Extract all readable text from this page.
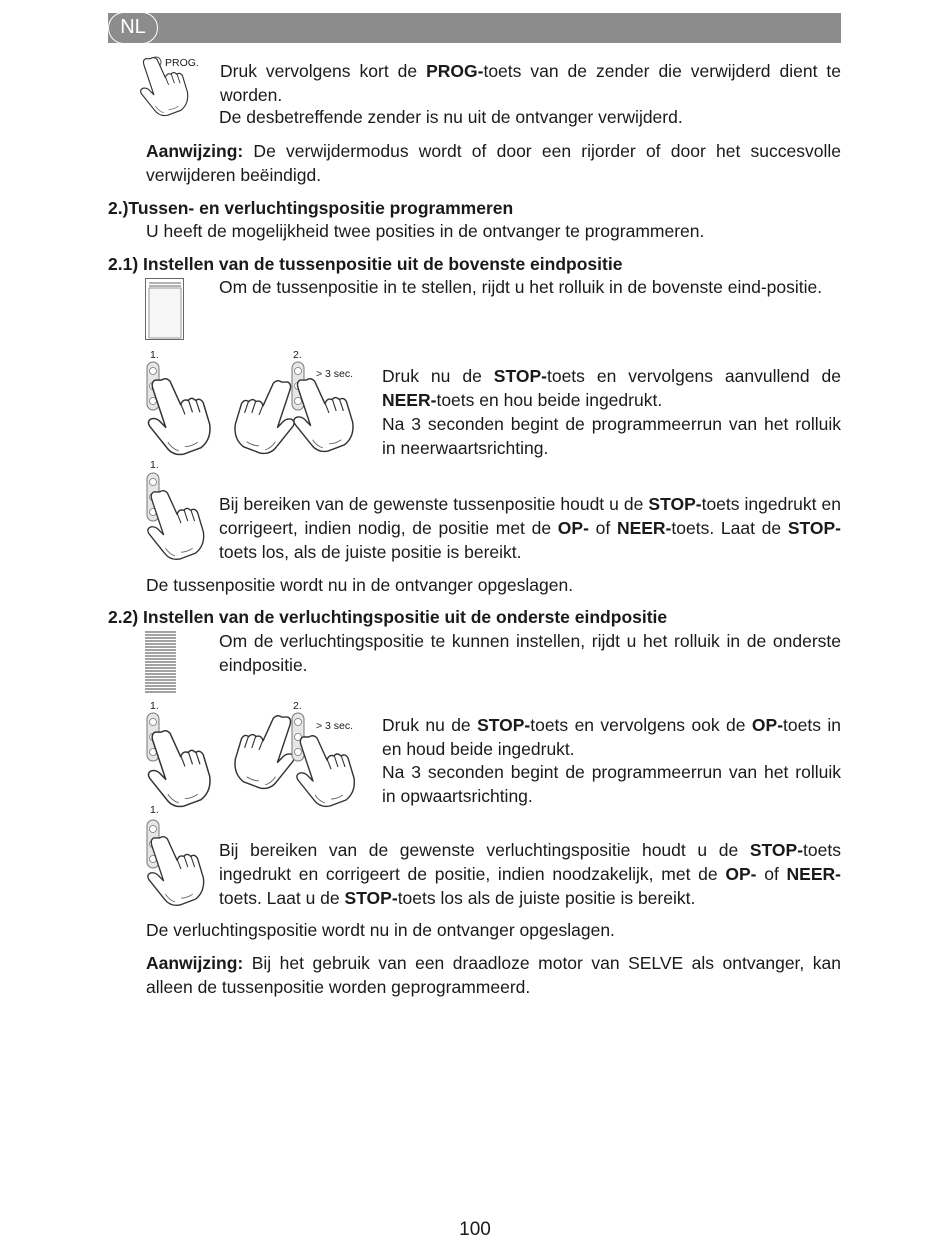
NL
PROG. Druk vervolgens kort de PROG-toets van de zender die verwijderd dient te worden.

De desbetreffende zender is nu uit de ontvanger verwijderd.

Aanwijzing: De verwijdermodus wordt of door een rijorder of door het succesvolle verwijderen beëindigd.

2.)Tussen- en verluchtingspositie programmeren

U heeft de mogelijkheid twee posities in de ontvanger te programmeren.

2.1) Instellen van de tussenpositie uit de bovenste eindpositie

Om de tussenpositie in te stellen, rijdt u het rolluik in de bovenste eind-positie.

1.	2.
> 3 sec. Druk nu de STOP-toets en vervolgens aanvullend de NEER-toets en hou beide ingedrukt.

Na 3 seconden begint de programmeerrun van het rolluik in neerwaartsrichting.

1.

Bij bereiken van de gewenste tussenpositie houdt u de STOP-toets ingedrukt en corrigeert, indien nodig, de positie met de OP- of NEER-toets. Laat de STOP-toets los, als de juiste positie is bereikt.

De tussenpositie wordt nu in de ontvanger opgeslagen.

2.2) Instellen van de verluchtingspositie uit de onderste eindpositie

Om de verluchtingspositie te kunnen instellen, rijdt u het rolluik in de onderste eindpositie.

1.	2.
> 3 sec. Druk nu de STOP-toets en vervolgens ook de OP-toets in en houd beide ingedrukt.

Na 3 seconden begint de programmeerrun van het rolluik in opwaartsrichting.

1.

Bij bereiken van de gewenste verluchtingspositie houdt u de STOP-toets ingedrukt en corrigeert de positie, indien noodzakelijk, met de OP- of NEER-toets. Laat u de STOP-toets los als de juiste positie is bereikt.

De verluchtingspositie wordt nu in de ontvanger opgeslagen.

Aanwijzing: Bij het gebruik van een draadloze motor van SELVE als ontvanger, kan alleen de tussenpositie worden geprogrammeerd.

100
